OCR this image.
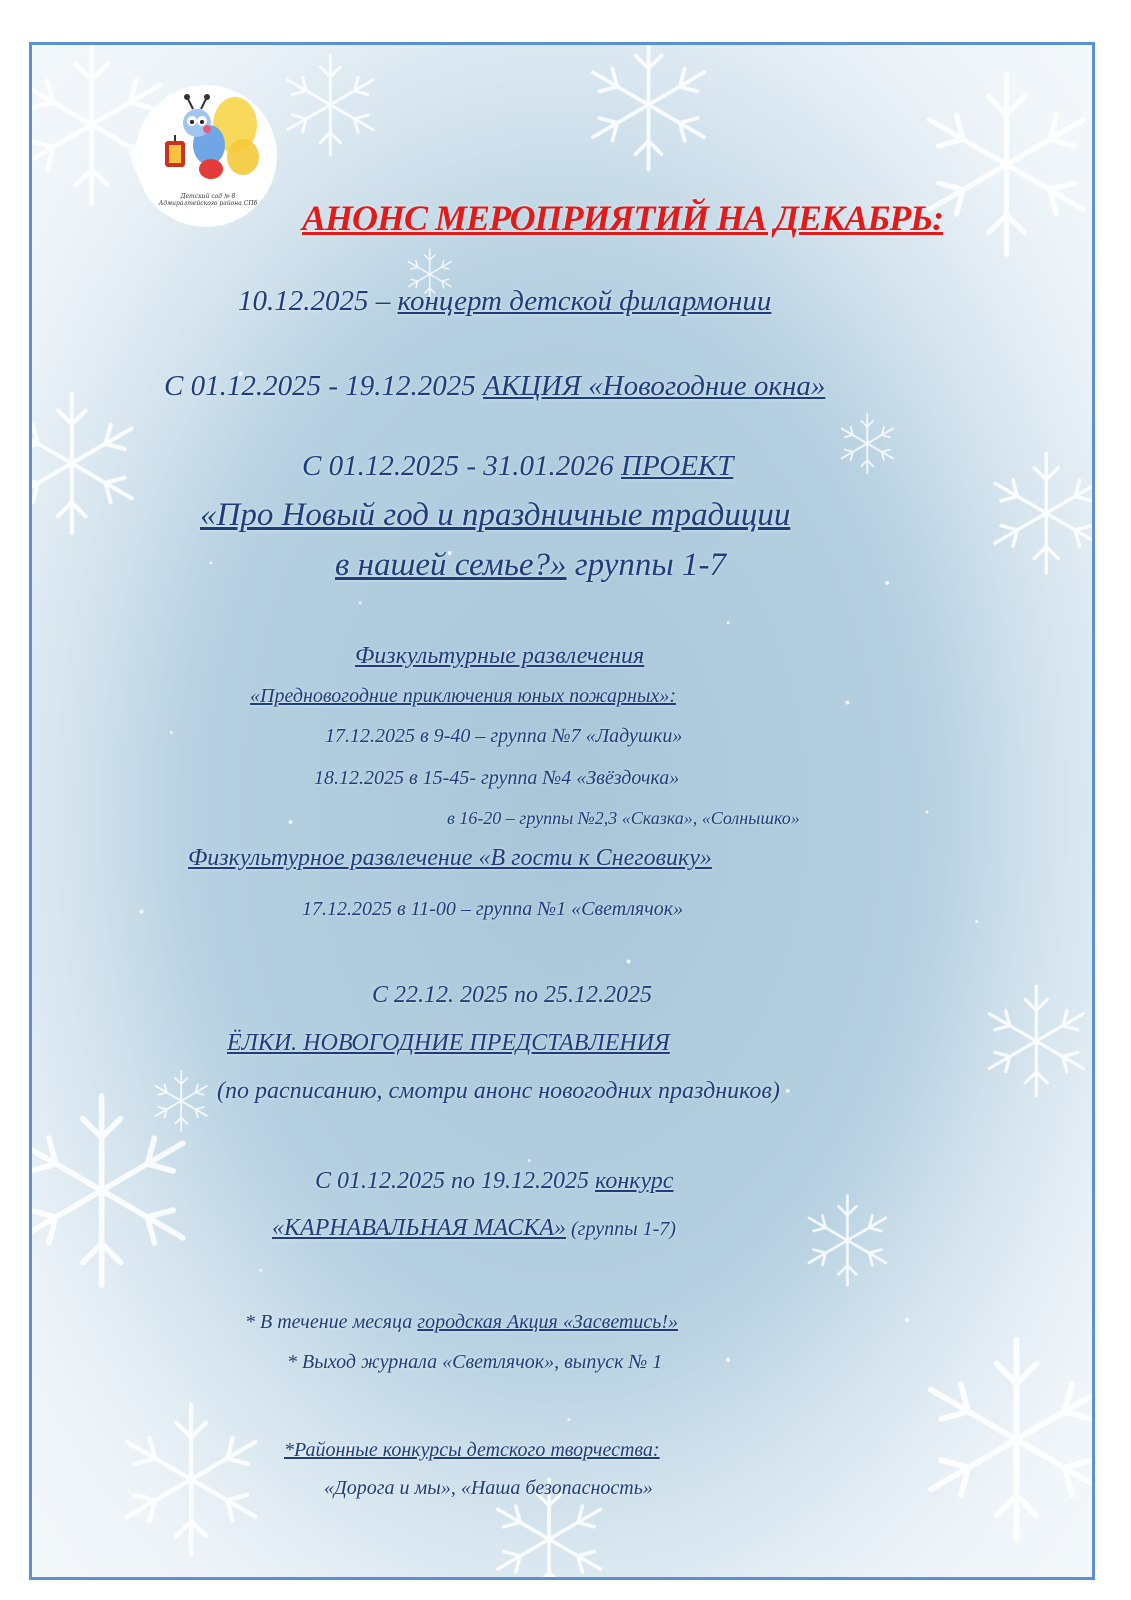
Детский сад № 8
Адмиралтейского района СПб АНОНС МЕРОПРИЯТИЙ НА ДЕКАБРЬ:
10.12.2025 – концерт детской филармонии
С 01.12.2025 - 19.12.2025 АКЦИЯ «Новогодние окна»
С 01.12.2025 - 31.01.2026 ПРОЕКТ
«Про Новый год и праздничные традиции
в нашей семье?» группы 1-7
Физкультурные развлечения
«Предновогодние приключения юных пожарных»:
17.12.2025 в 9-40 – группа №7 «Ладушки»
18.12.2025 в 15-45- группа №4 «Звёздочка»
в 16-20 – группы №2,3 «Сказка», «Солнышко»
Физкультурное развлечение «В гости к Снеговику»
17.12.2025 в 11-00 – группа №1 «Светлячок»
С 22.12. 2025 по 25.12.2025
ЁЛКИ. НОВОГОДНИЕ ПРЕДСТАВЛЕНИЯ
(по расписанию, смотри анонс новогодних праздников)
С 01.12.2025 по 19.12.2025 конкурс
«КАРНАВАЛЬНАЯ МАСКА» (группы 1-7)
* В течение месяца городская Акция «Засветись!»
* Выход журнала «Светлячок», выпуск № 1
*Районные конкурсы детского творчества:
«Дорога и мы», «Наша безопасность»
